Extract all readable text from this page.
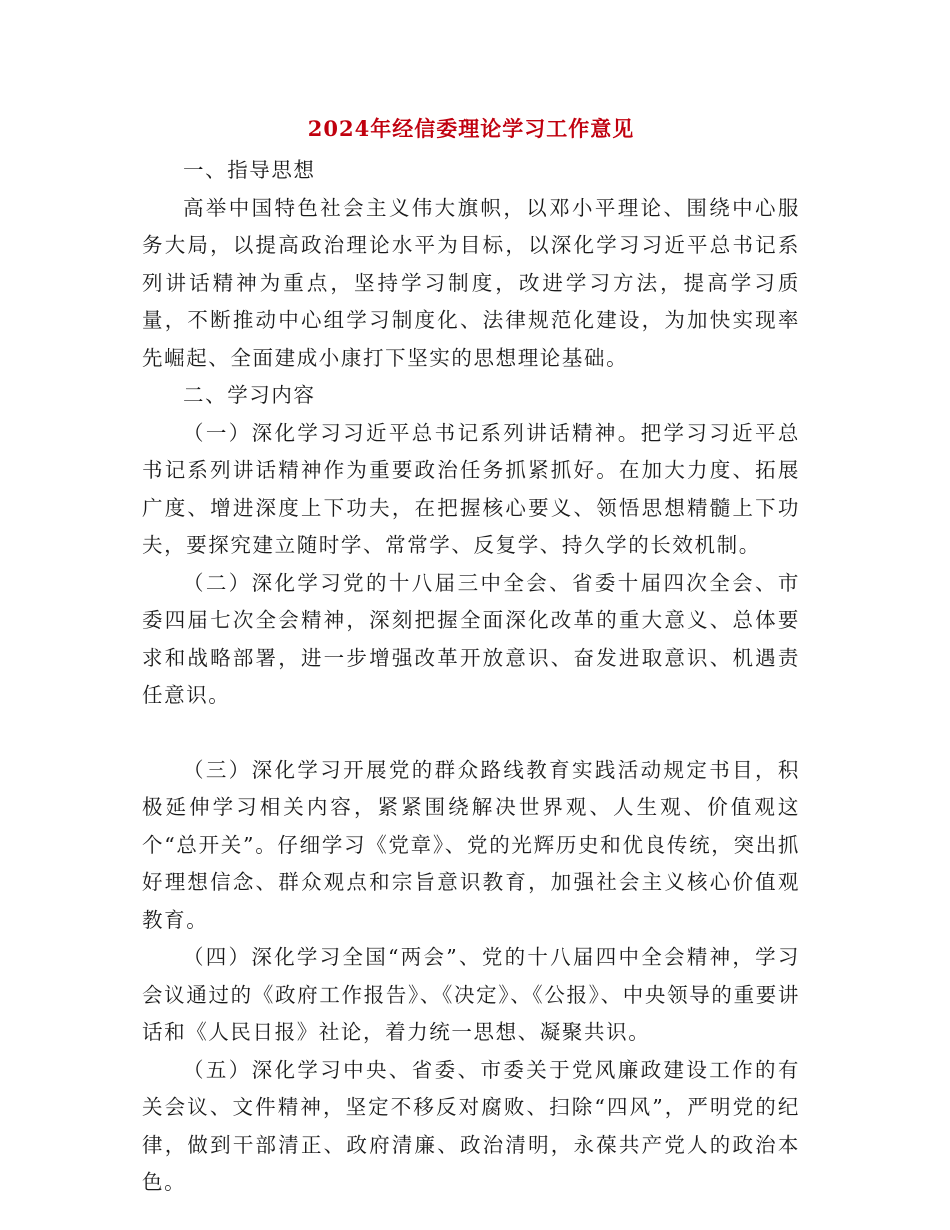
2024年经信委理论学习工作意见

一、指导思想

高举中国特色社会主义伟大旗帜，以邓小平理论、围绕中心服务大局，以提高政治理论水平为目标，以深化学习习近平总书记系列讲话精神为重点，坚持学习制度，改进学习方法，提高学习质量，不断推动中心组学习制度化、法律规范化建设，为加快实现率先崛起、全面建成小康打下坚实的思想理论基础。

二、学习内容

（一）深化学习习近平总书记系列讲话精神。把学习习近平总书记系列讲话精神作为重要政治任务抓紧抓好。在加大力度、拓展广度、增进深度上下功夫，在把握核心要义、领悟思想精髓上下功夫，要探究建立随时学、常常学、反复学、持久学的长效机制。

（二）深化学习党的十八届三中全会、省委十届四次全会、市委四届七次全会精神，深刻把握全面深化改革的重大意义、总体要求和战略部署，进一步增强改革开放意识、奋发进取意识、机遇责任意识。

（三）深化学习开展党的群众路线教育实践活动规定书目，积极延伸学习相关内容，紧紧围绕解决世界观、人生观、价值观这个“总开关”。仔细学习《党章》、党的光辉历史和优良传统，突出抓好理想信念、群众观点和宗旨意识教育，加强社会主义核心价值观教育。

（四）深化学习全国“两会”、党的十八届四中全会精神，学习会议通过的《政府工作报告》、《决定》、《公报》、中央领导的重要讲话和《人民日报》社论，着力统一思想、凝聚共识。

（五）深化学习中央、省委、市委关于党风廉政建设工作的有关会议、文件精神，坚定不移反对腐败、扫除“四风”，严明党的纪律，做到干部清正、政府清廉、政治清明，永葆共产党人的政治本色。
